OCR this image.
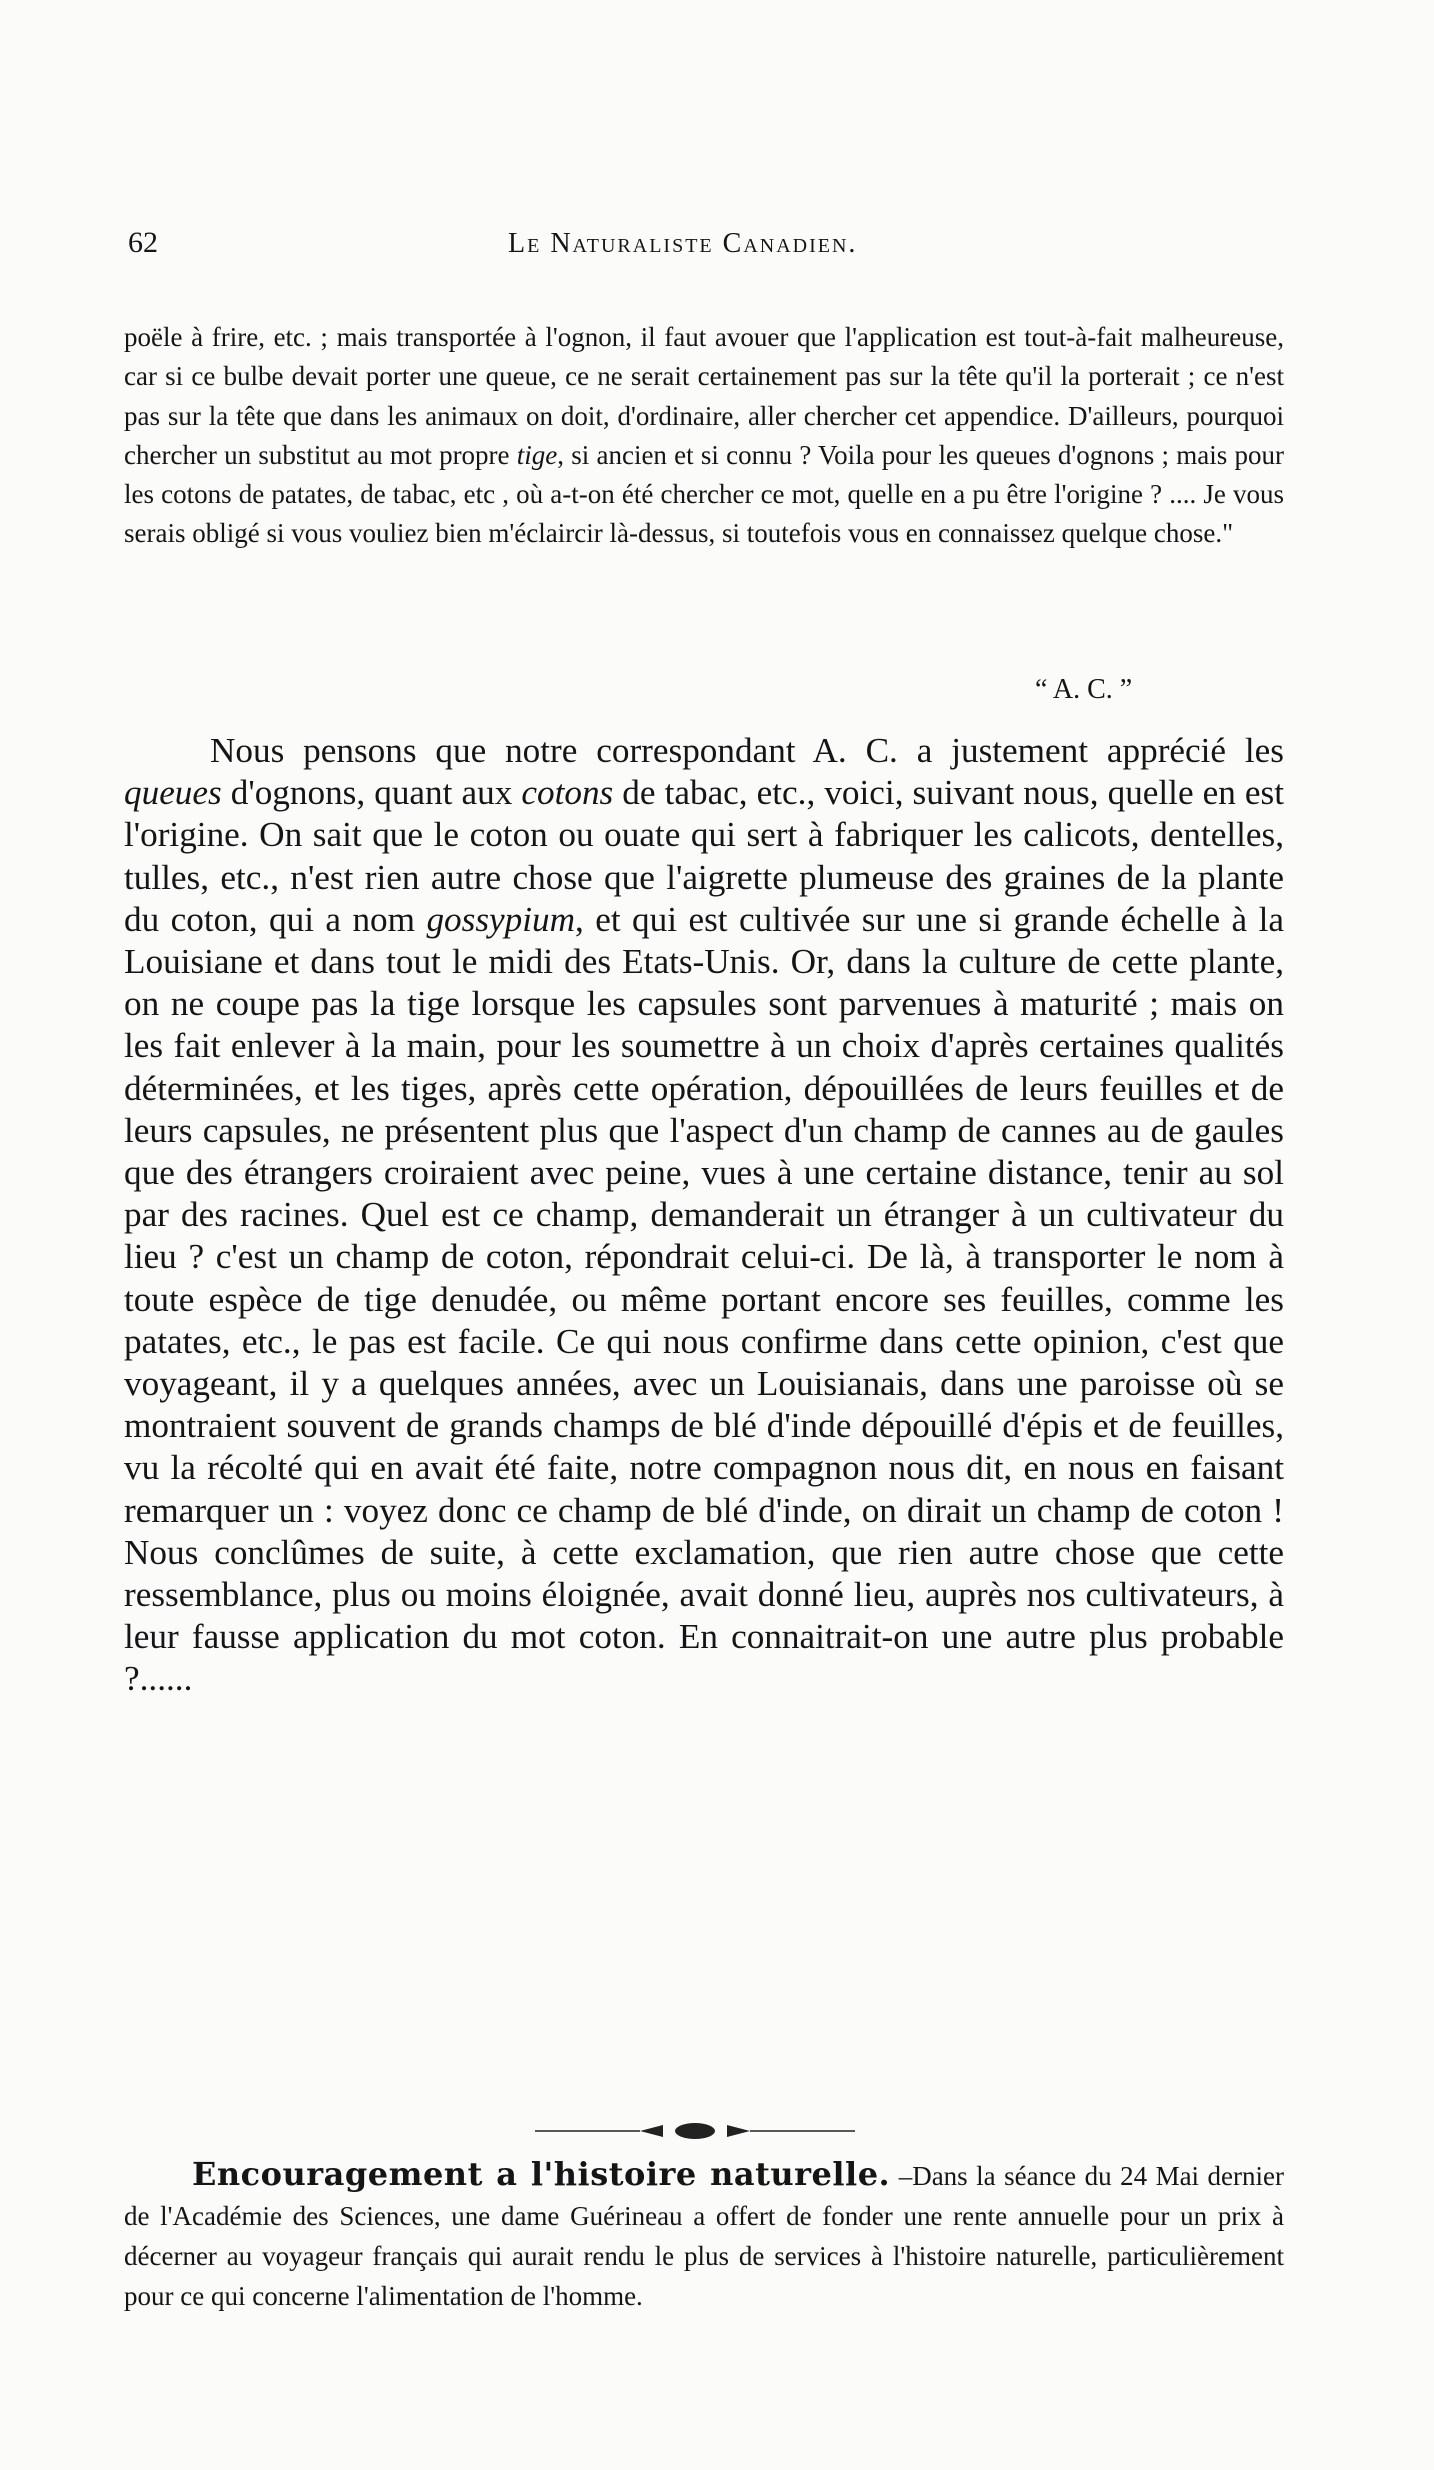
62	Le Naturaliste Canadien.

poële à frire, etc. ; mais transportée à l'ognon, il faut avouer que l'application est tout-à-fait malheureuse, car si ce bulbe devait porter une queue, ce ne serait certainement pas sur la tête qu'il la porterait ; ce n'est pas sur la tête que dans les animaux on doit, d'ordinaire, aller chercher cet appendice. D'ailleurs, pourquoi chercher un substitut au mot propre tige, si ancien et si connu ? Voila pour les queues d'ognons ; mais pour les cotons de patates, de tabac, etc , où a-t-on été chercher ce mot, quelle en a pu être l'origine ? .... Je vous serais obligé si vous vouliez bien m'éclaircir là-dessus, si toutefois vous en connaissez quelque chose."

“ A. C. ”

Nous pensons que notre correspondant A. C. a justement apprécié les queues d'ognons, quant aux cotons de tabac, etc., voici, suivant nous, quelle en est l'origine. On sait que le coton ou ouate qui sert à fabriquer les calicots, dentelles, tulles, etc., n'est rien autre chose que l'aigrette plumeuse des graines de la plante du coton, qui a nom gossypium, et qui est cultivée sur une si grande échelle à la Louisiane et dans tout le midi des Etats-Unis. Or, dans la culture de cette plante, on ne coupe pas la tige lorsque les capsules sont parvenues à maturité ; mais on les fait enlever à la main, pour les soumettre à un choix d'après certaines qualités déterminées, et les tiges, après cette opération, dépouillées de leurs feuilles et de leurs capsules, ne présentent plus que l'aspect d'un champ de cannes au de gaules que des étrangers croiraient avec peine, vues à une certaine distance, tenir au sol par des racines. Quel est ce champ, demanderait un étranger à un cultivateur du lieu ? c'est un champ de coton, répondrait celui-ci. De là, à transporter le nom à toute espèce de tige denudée, ou même portant encore ses feuilles, comme les patates, etc., le pas est facile. Ce qui nous confirme dans cette opinion, c'est que voyageant, il y a quelques années, avec un Louisianais, dans une paroisse où se montraient souvent de grands champs de blé d'inde dépouillé d'épis et de feuilles, vu la récolté qui en avait été faite, notre compagnon nous dit, en nous en faisant remarquer un : voyez donc ce champ de blé d'inde, on dirait un champ de coton ! Nous conclûmes de suite, à cette exclamation, que rien autre chose que cette ressemblance, plus ou moins éloignée, avait donné lieu, auprès nos cultivateurs, à leur fausse application du mot coton. En connaitrait-on une autre plus probable ?......

Encouragement a l'histoire naturelle. –Dans la séance du 24 Mai dernier de l'Académie des Sciences, une dame Guérineau a offert de fonder une rente annuelle pour un prix à décerner au voyageur français qui aurait rendu le plus de services à l'histoire naturelle, particulièrement pour ce qui concerne l'alimentation de l'homme.
